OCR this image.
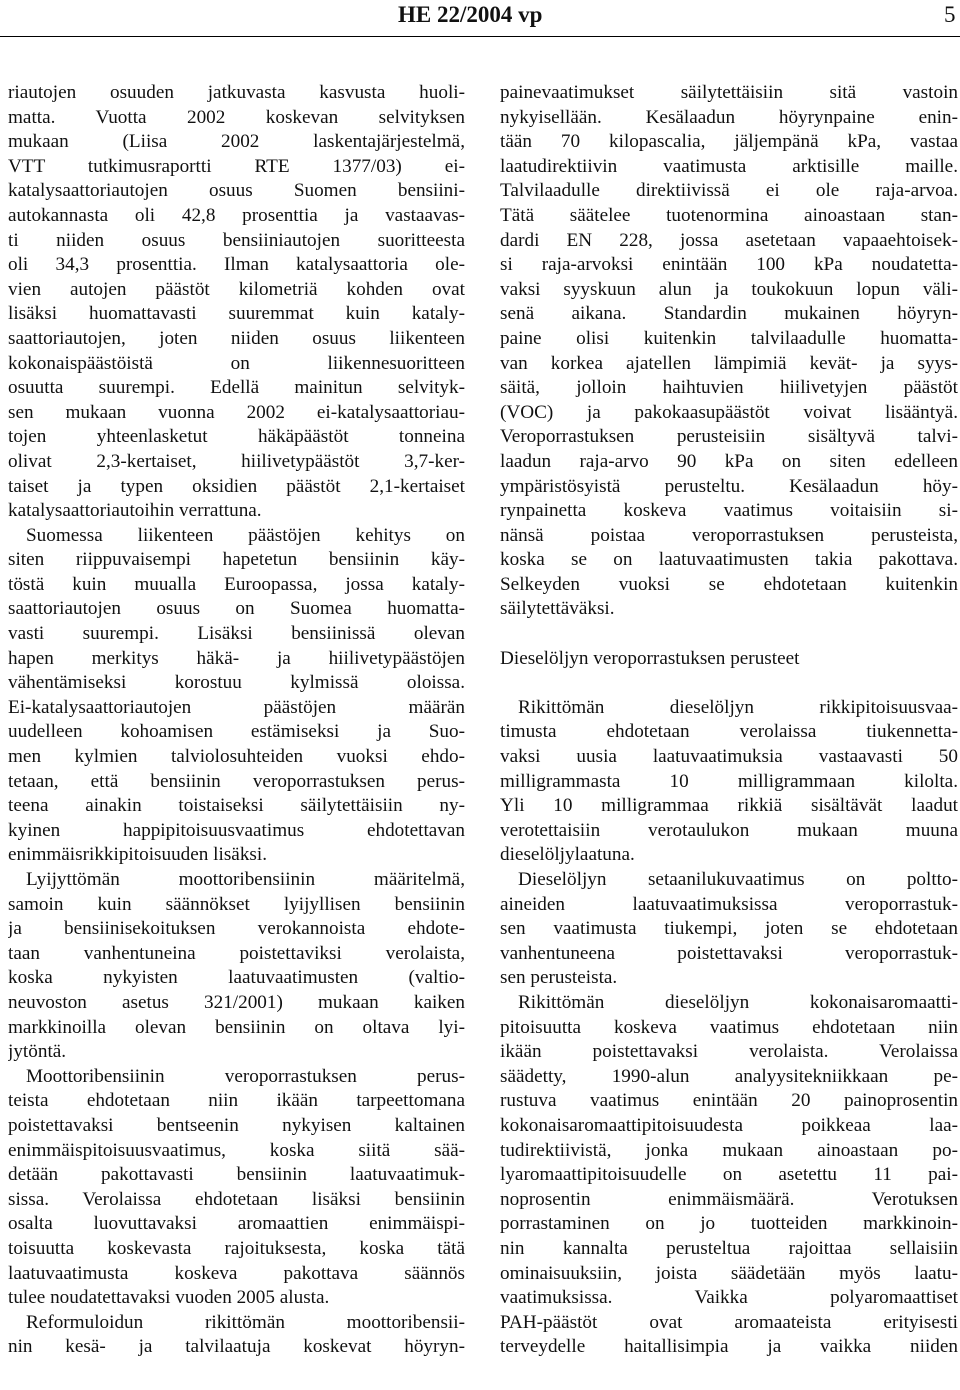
HE 22/2004 vp	5
riautojen osuuden jatkuvasta kasvusta huoli-
matta. Vuotta 2002 koskevan selvityksen
mukaan (Liisa 2002 laskentajärjestelmä,
VTT tutkimusraportti RTE 1377/03) ei-
katalysaattoriautojen osuus Suomen bensiini-
autokannasta oli 42,8 prosenttia ja vastaavas-
ti niiden osuus bensiiniautojen suoritteesta
oli 34,3 prosenttia. Ilman katalysaattoria ole-
vien autojen päästöt kilometriä kohden ovat
lisäksi huomattavasti suuremmat kuin kataly-
saattoriautojen, joten niiden osuus liikenteen
kokonaispäästöistä on liikennesuoritteen
osuutta suurempi. Edellä mainitun selvityk-
sen mukaan vuonna 2002 ei-katalysaattoriau-
tojen yhteenlasketut häkäpäästöt tonneina
olivat 2,3-kertaiset, hiilivetypäästöt 3,7-ker-
taiset ja typen oksidien päästöt 2,1-kertaiset
katalysaattoriautoihin verrattuna.
Suomessa liikenteen päästöjen kehitys on
siten riippuvaisempi hapetetun bensiinin käy-
töstä kuin muualla Euroopassa, jossa kataly-
saattoriautojen osuus on Suomea huomatta-
vasti suurempi. Lisäksi bensiinissä olevan
hapen merkitys häkä- ja hiilivetypäästöjen
vähentämiseksi korostuu kylmissä oloissa.
Ei-katalysaattoriautojen päästöjen määrän
uudelleen kohoamisen estämiseksi ja Suo-
men kylmien talviolosuhteiden vuoksi ehdo-
tetaan, että bensiinin veroporrastuksen perus-
teena ainakin toistaiseksi säilytettäisiin ny-
kyinen happipitoisuusvaatimus ehdotettavan
enimmäisrikkipitoisuuden lisäksi.
Lyijyttömän moottoribensiinin määritelmä,
samoin kuin säännökset lyijyllisen bensiinin
ja bensiinisekoituksen verokannoista ehdote-
taan vanhentuneina poistettaviksi verolaista,
koska nykyisten laatuvaatimusten (valtio-
neuvoston asetus 321/2001) mukaan kaiken
markkinoilla olevan bensiinin on oltava lyi-
jytöntä.
Moottoribensiinin veroporrastuksen perus-
teista ehdotetaan niin ikään tarpeettomana
poistettavaksi bentseenin nykyisen kaltainen
enimmäispitoisuusvaatimus, koska siitä sää-
detään pakottavasti bensiinin laatuvaatimuk-
sissa. Verolaissa ehdotetaan lisäksi bensiinin
osalta luovuttavaksi aromaattien enimmäispi-
toisuutta koskevasta rajoituksesta, koska tätä
laatuvaatimusta koskeva pakottava säännös
tulee noudatettavaksi vuoden 2005 alusta.
Reformuloidun rikittömän moottoribensii-
nin kesä- ja talvilaatuja koskevat höyryn-
painevaatimukset säilytettäisiin sitä vastoin
nykyisellään. Kesälaadun höyrynpaine enin-
tään 70 kilopascalia, jäljempänä kPa, vastaa
laatudirektiivin vaatimusta arktisille maille.
Talvilaadulle direktiivissä ei ole raja-arvoa.
Tätä säätelee tuotenormina ainoastaan stan-
dardi EN 228, jossa asetetaan vapaaehtoisek-
si raja-arvoksi enintään 100 kPa noudatetta-
vaksi syyskuun alun ja toukokuun lopun väli-
senä aikana. Standardin mukainen höyryn-
paine olisi kuitenkin talvilaadulle huomatta-
van korkea ajatellen lämpimiä kevät- ja syys-
säitä, jolloin haihtuvien hiilivetyjen päästöt
(VOC) ja pakokaasupäästöt voivat lisääntyä.
Veroporrastuksen perusteisiin sisältyvä talvi-
laadun raja-arvo 90 kPa on siten edelleen
ympäristösyistä perusteltu. Kesälaadun höy-
rynpainetta koskeva vaatimus voitaisiin si-
nänsä poistaa veroporrastuksen perusteista,
koska se on laatuvaatimusten takia pakottava.
Selkeyden vuoksi se ehdotetaan kuitenkin
säilytettäväksi.
Dieselöljyn veroporrastuksen perusteet
Rikittömän dieselöljyn rikkipitoisuusvaa-
timusta ehdotetaan verolaissa tiukennetta-
vaksi uusia laatuvaatimuksia vastaavasti 50
milligrammasta 10 milligrammaan kilolta.
Yli 10 milligrammaa rikkiä sisältävät laadut
verotettaisiin verotaulukon mukaan muuna
dieselöljylaatuna.
Dieselöljyn setaanilukuvaatimus on poltto-
aineiden laatuvaatimuksissa veroporrastuk-
sen vaatimusta tiukempi, joten se ehdotetaan
vanhentuneena poistettavaksi veroporrastuk-
sen perusteista.
Rikittömän dieselöljyn kokonaisaromaatti-
pitoisuutta koskeva vaatimus ehdotetaan niin
ikään poistettavaksi verolaista. Verolaissa
säädetty, 1990-alun analyysitekniikkaan pe-
rustuva vaatimus enintään 20 painoprosentin
kokonaisaromaattipitoisuudesta poikkeaa laa-
tudirektiivistä, jonka mukaan ainoastaan po-
lyaromaattipitoisuudelle on asetettu 11 pai-
noprosentin enimmäismäärä. Verotuksen
porrastaminen on jo tuotteiden markkinoin-
nin kannalta perusteltua rajoittaa sellaisiin
ominaisuuksiin, joista säädetään myös laatu-
vaatimuksissa. Vaikka polyaromaattiset
PAH-päästöt ovat aromaateista erityisesti
terveydelle haitallisimpia ja vaikka niiden
